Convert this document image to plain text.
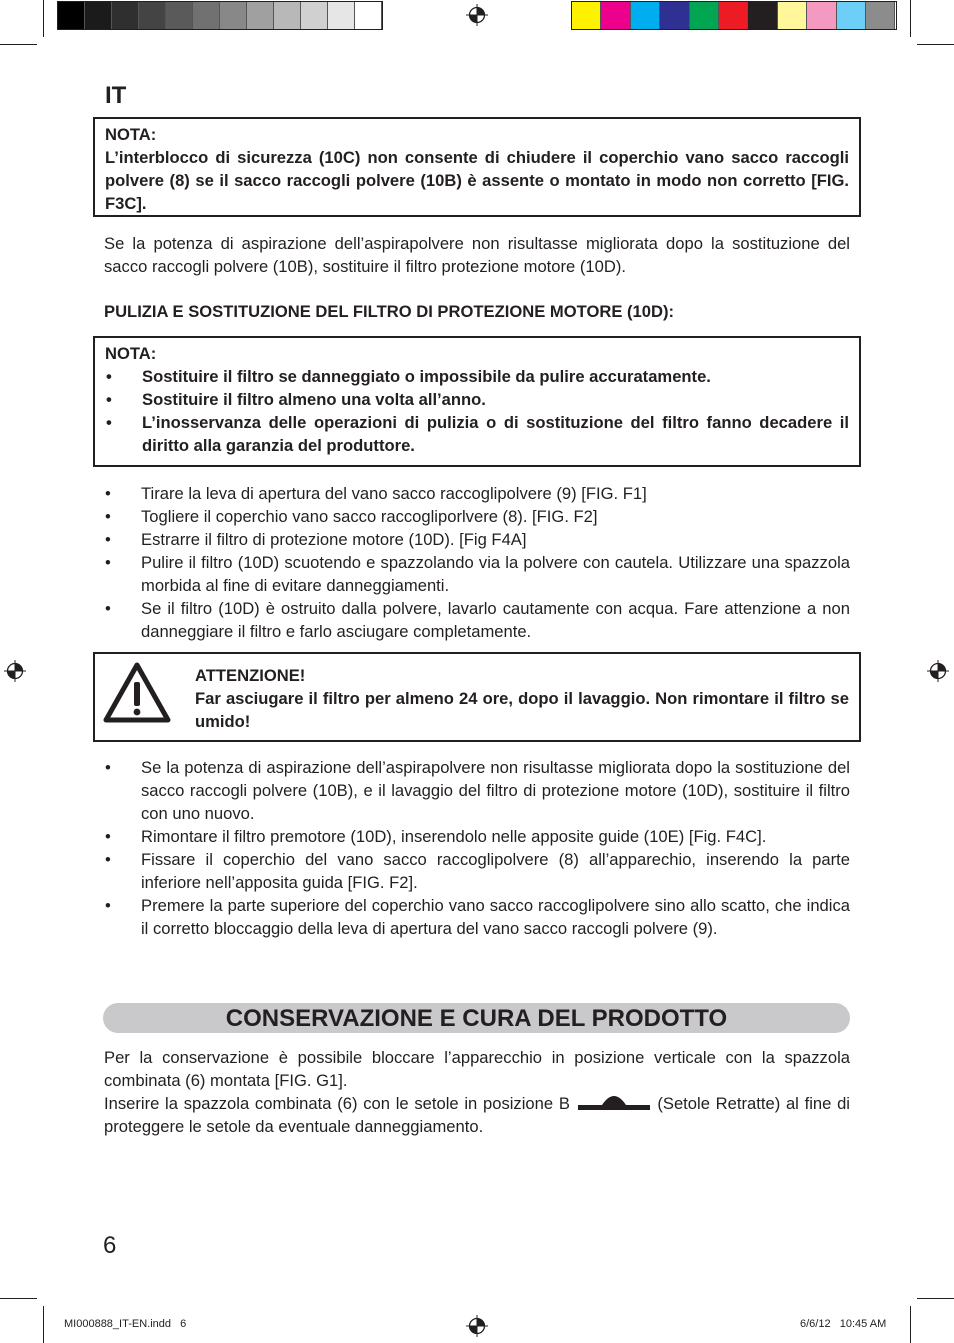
IT
NOTA:
L’interblocco di sicurezza (10C) non consente di chiudere il coperchio vano sacco raccogli polvere (8) se il sacco raccogli polvere (10B) è assente o montato in modo non corretto [FIG. F3C].
Se la potenza di aspirazione dell’aspirapolvere non risultasse migliorata dopo la sostituzione del sacco raccogli polvere (10B), sostituire il filtro protezione motore (10D).
PULIZIA E SOSTITUZIONE DEL FILTRO DI PROTEZIONE MOTORE (10D):
NOTA:
• Sostituire il filtro se danneggiato o impossibile da pulire accuratamente.
• Sostituire il filtro almeno una volta all’anno.
• L’inosservanza delle operazioni di pulizia o di sostituzione del filtro fanno decadere il diritto alla garanzia del produttore.
• Tirare la leva di apertura del vano sacco raccoglipolvere (9) [FIG. F1]
• Togliere il coperchio vano sacco raccogliporlvere (8). [FIG. F2]
• Estrarre il filtro di protezione motore (10D). [Fig F4A]
• Pulire il filtro (10D) scuotendo e spazzolando via la polvere con cautela. Utilizzare una spazzola morbida al fine di evitare danneggiamenti.
• Se il filtro (10D) è ostruito dalla polvere, lavarlo cautamente con acqua. Fare attenzione a non danneggiare il filtro e farlo asciugare completamente.
ATTENZIONE!
Far asciugare il filtro per almeno 24 ore, dopo il lavaggio. Non rimontare il filtro se umido!
• Se la potenza di aspirazione dell’aspirapolvere non risultasse migliorata dopo la sostituzione del sacco raccogli polvere (10B), e il lavaggio del filtro di protezione motore (10D), sostituire il filtro con uno nuovo.
• Rimontare il filtro premotore (10D), inserendolo nelle apposite guide (10E) [Fig. F4C].
• Fissare il coperchio del vano sacco raccoglipolvere (8) all’apparechio, inserendo la parte inferiore nell’apposita guida [FIG. F2].
• Premere la parte superiore del coperchio vano sacco raccoglipolvere sino allo scatto, che indica il corretto bloccaggio della leva di apertura del vano sacco raccogli polvere (9).
CONSERVAZIONE E CURA DEL PRODOTTO
Per la conservazione è possibile bloccare l’apparecchio in posizione verticale con la spazzola combinata (6) montata [FIG. G1].
Inserire la spazzola combinata (6) con le setole in posizione B	(Setole Retratte) al fine di proteggere le setole da eventuale danneggiamento.
6
MI000888_IT-EN.indd   6	6/6/12   10:45 AM
